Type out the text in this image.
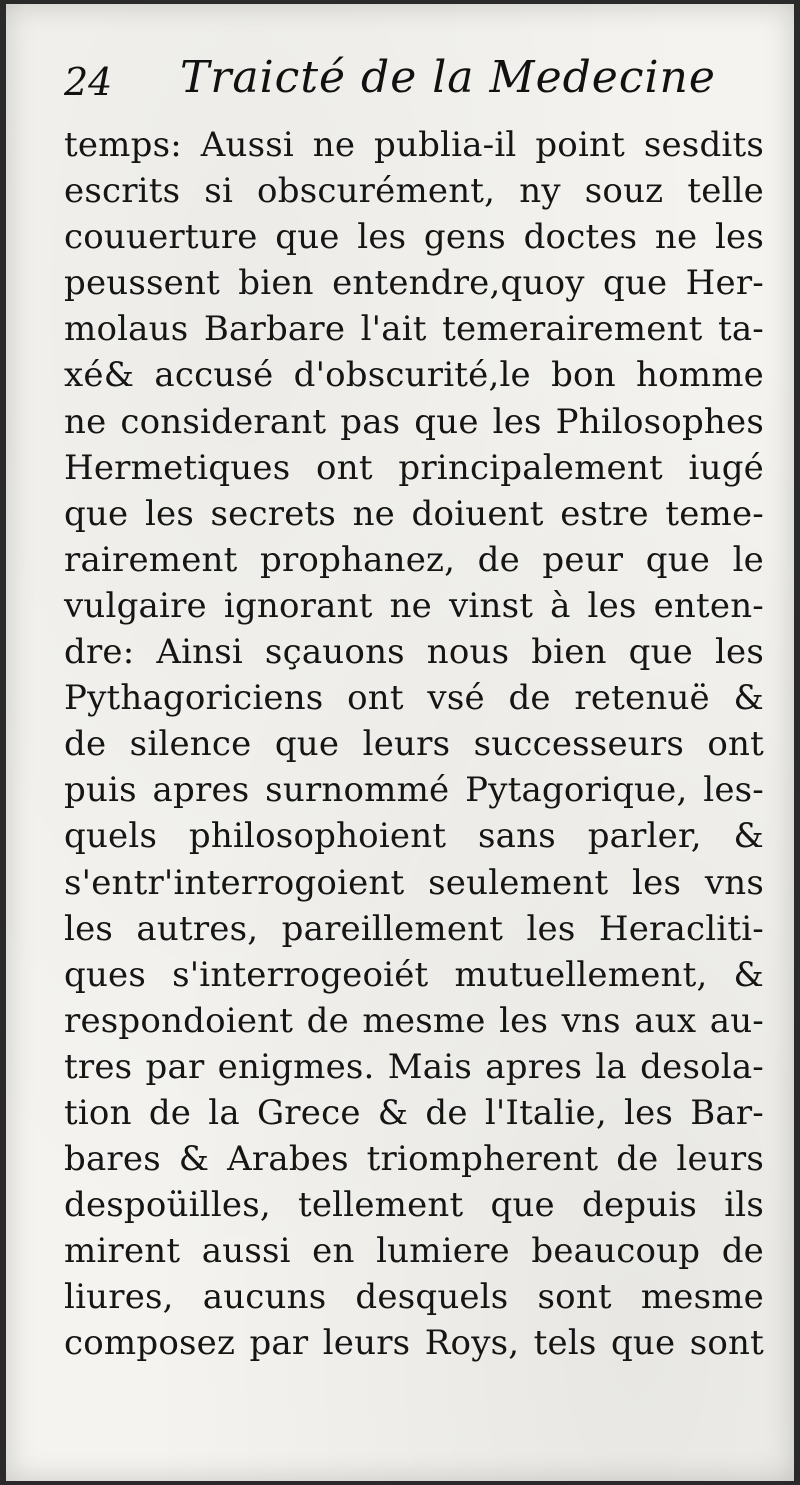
24 Traicté de la Medecine
temps: Aussi ne publia-il point sesdits
escrits si obscurément, ny souz telle
couuerture que les gens doctes ne les
peussent bien entendre,quoy que Her-
molaus Barbare l'ait temerairement ta-
xé& accusé d'obscurité,le bon homme
ne considerant pas que les Philosophes
Hermetiques ont principalement iugé
que les secrets ne doiuent estre teme-
rairement prophanez, de peur que le
vulgaire ignorant ne vinst à les enten-
dre: Ainsi sçauons nous bien que les
Pythagoriciens ont vsé de retenuë &
de silence que leurs successeurs ont
puis apres surnommé Pytagorique, les-
quels philosophoient sans parler, &
s'entr'interrogoient seulement les vns
les autres, pareillement les Heracliti-
ques s'interrogeoiét mutuellement, &
respondoient de mesme les vns aux au-
tres par enigmes. Mais apres la desola-
tion de la Grece & de l'Italie, les Bar-
bares & Arabes triompherent de leurs
despoüilles, tellement que depuis ils
mirent aussi en lumiere beaucoup de
liures, aucuns desquels sont mesme
composez par leurs Roys, tels que sont
